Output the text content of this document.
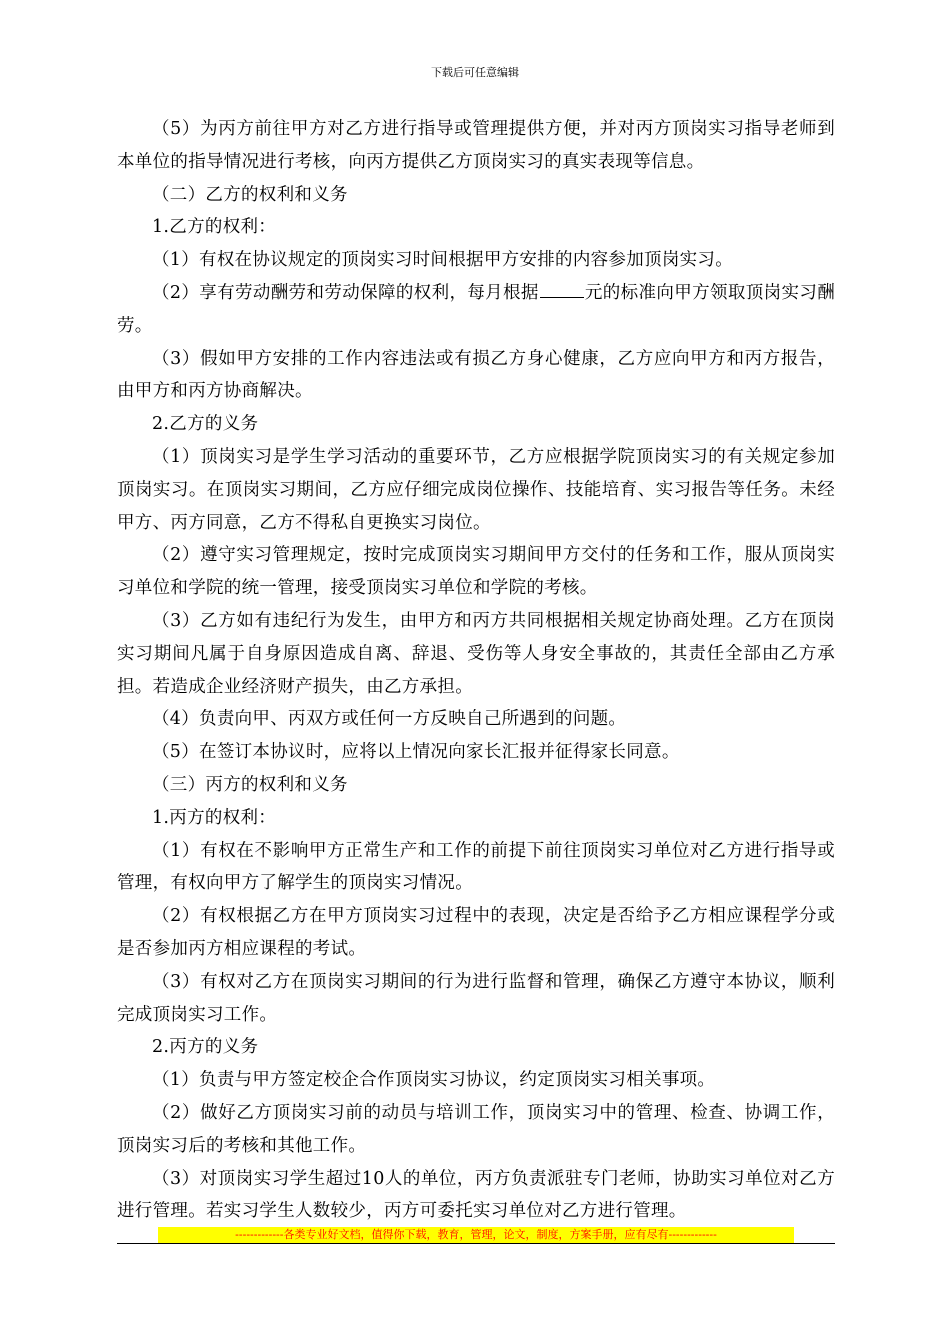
下载后可任意编辑

（5）为丙方前往甲方对乙方进行指导或管理提供方便，并对丙方顶岗实习指导老师到本单位的指导情况进行考核，向丙方提供乙方顶岗实习的真实表现等信息。

（二）乙方的权利和义务

1.乙方的权利：

（1）有权在协议规定的顶岗实习时间根据甲方安排的内容参加顶岗实习。

（2）享有劳动酬劳和劳动保障的权利，每月根据	元的标准向甲方领取顶岗实习酬劳。

（3）假如甲方安排的工作内容违法或有损乙方身心健康，乙方应向甲方和丙方报告，由甲方和丙方协商解决。

2.乙方的义务

（1）顶岗实习是学生学习活动的重要环节，乙方应根据学院顶岗实习的有关规定参加顶岗实习。在顶岗实习期间，乙方应仔细完成岗位操作、技能培育、实习报告等任务。未经甲方、丙方同意，乙方不得私自更换实习岗位。

（2）遵守实习管理规定，按时完成顶岗实习期间甲方交付的任务和工作，服从顶岗实习单位和学院的统一管理，接受顶岗实习单位和学院的考核。

（3）乙方如有违纪行为发生，由甲方和丙方共同根据相关规定协商处理。乙方在顶岗实习期间凡属于自身原因造成自离、辞退、受伤等人身安全事故的，其责任全部由乙方承担。若造成企业经济财产损失，由乙方承担。

（4）负责向甲、丙双方或任何一方反映自己所遇到的问题。

（5）在签订本协议时，应将以上情况向家长汇报并征得家长同意。

（三）丙方的权利和义务

1.丙方的权利：

（1）有权在不影响甲方正常生产和工作的前提下前往顶岗实习单位对乙方进行指导或管理，有权向甲方了解学生的顶岗实习情况。

（2）有权根据乙方在甲方顶岗实习过程中的表现，决定是否给予乙方相应课程学分或是否参加丙方相应课程的考试。

（3）有权对乙方在顶岗实习期间的行为进行监督和管理，确保乙方遵守本协议，顺利完成顶岗实习工作。

2.丙方的义务

（1）负责与甲方签定校企合作顶岗实习协议，约定顶岗实习相关事项。

（2）做好乙方顶岗实习前的动员与培训工作，顶岗实习中的管理、检查、协调工作，顶岗实习后的考核和其他工作。

（3）对顶岗实习学生超过10人的单位，丙方负责派驻专门老师，协助实习单位对乙方进行管理。若实习学生人数较少，丙方可委托实习单位对乙方进行管理。

-------------各类专业好文档，值得你下载，教育，管理，论文，制度，方案手册，应有尽有-------------
